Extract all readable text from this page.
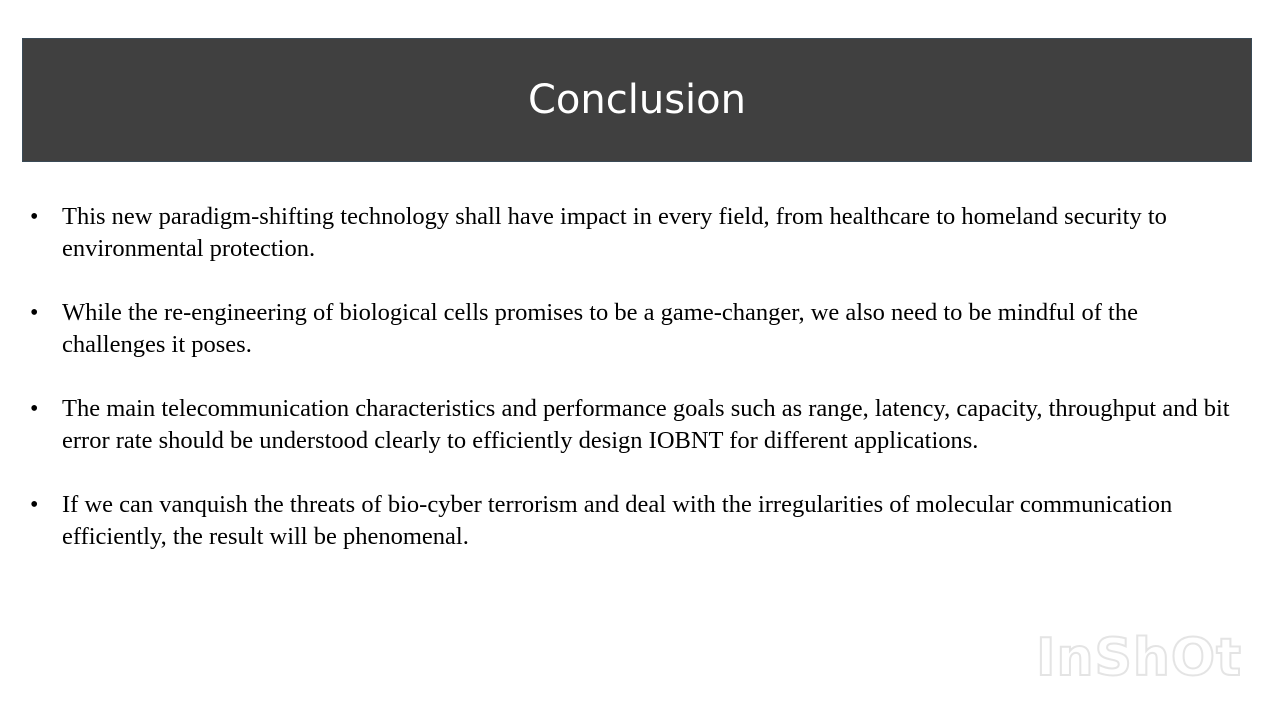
Conclusion
• This new paradigm-shifting technology shall have impact in every field, from healthcare to homeland security to environmental protection.
• While the re-engineering of biological cells promises to be a game-changer, we also need to be mindful of the challenges it poses.
• The main telecommunication characteristics and performance goals such as range, latency, capacity, throughput and bit error rate should be understood clearly to efficiently design IOBNT for different applications.
• If we can vanquish the threats of bio-cyber terrorism and deal with the irregularities of molecular communication efficiently, the result will be phenomenal.
InShOt
